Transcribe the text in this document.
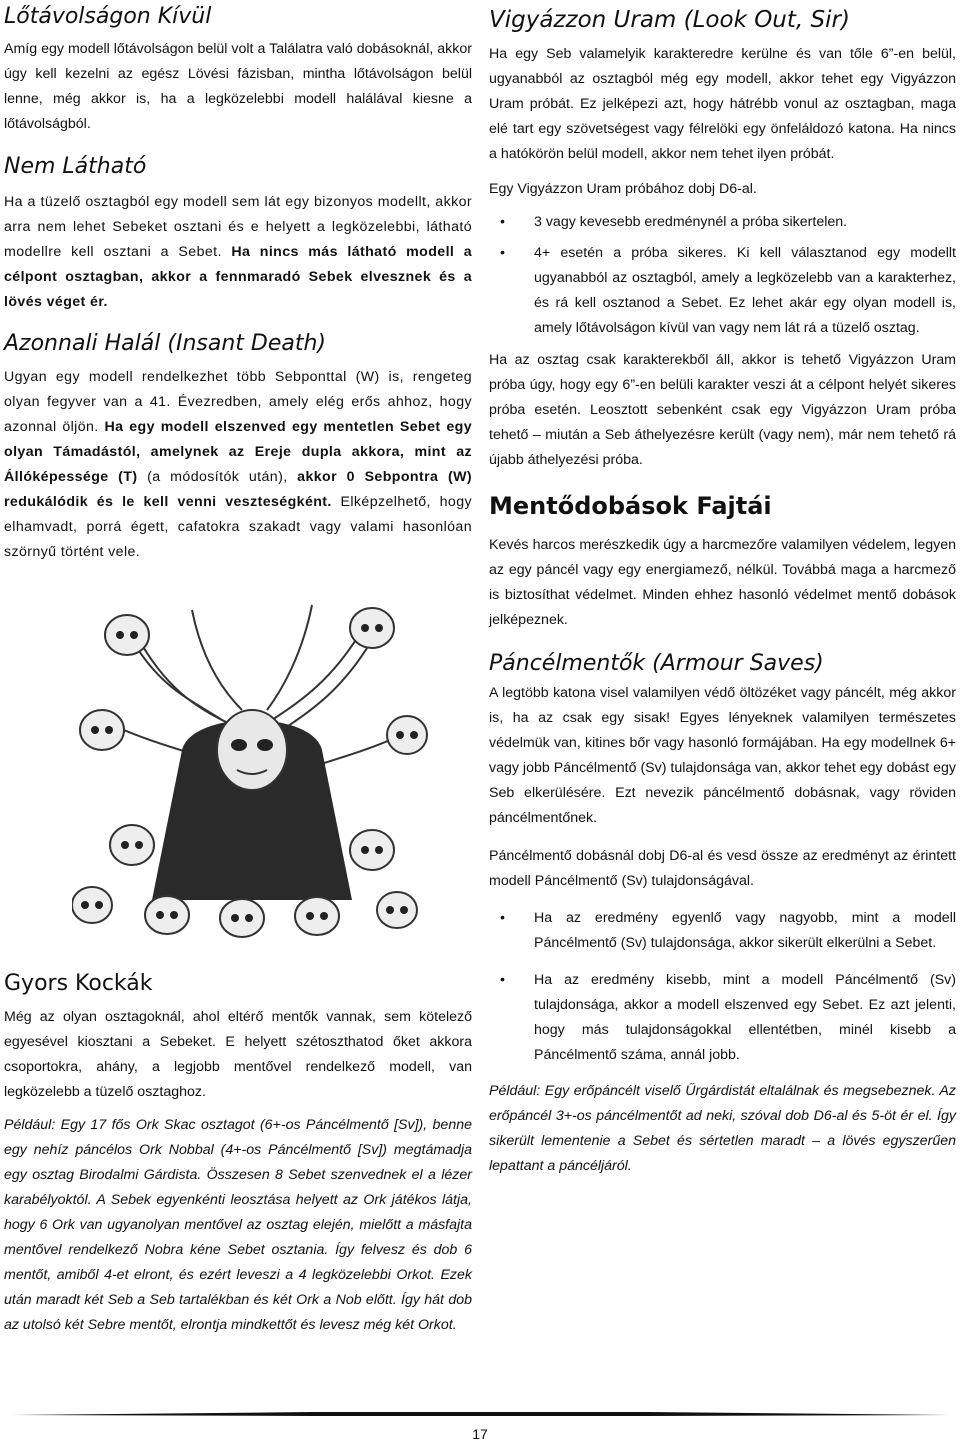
Lőtávolságon Kívül

Amíg egy modell lőtávolságon belül volt a Találatra való dobásoknál, akkor úgy kell kezelni az egész Lövési fázisban, mintha lőtávolságon belül lenne, még akkor is, ha a legközelebbi modell halálával kiesne a lőtávolságból.

Nem Látható

Ha a tüzelő osztagból egy modell sem lát egy bizonyos modellt, akkor arra nem lehet Sebeket osztani és e helyett a legközelebbi, látható modellre kell osztani a Sebet. Ha nincs más látható modell a célpont osztagban, akkor a fennmaradó Sebek elvesznek és a lövés véget ér.

Azonnali Halál (Insant Death)

Ugyan egy modell rendelkezhet több Sebponttal (W) is, rengeteg olyan fegyver van a 41. Évezredben, amely elég erős ahhoz, hogy azonnal öljön. Ha egy modell elszenved egy mentetlen Sebet egy olyan Támadástól, amelynek az Ereje dupla akkora, mint az Állóképessége (T) (a módosítók után), akkor 0 Sebpontra (W) redukálódik és le kell venni veszteségként. Elképzelhető, hogy elhamvadt, porrá égett, cafatokra szakadt vagy valami hasonlóan szörnyű történt vele.

Gyors Kockák

Még az olyan osztagoknál, ahol eltérő mentők vannak, sem kötelező egyesével kiosztani a Sebeket. E helyett szétoszthatod őket akkora csoportokra, ahány, a legjobb mentővel rendelkező modell, van legközelebb a tüzelő osztaghoz.

Például: Egy 17 fős Ork Skac osztagot (6+-os Páncélmentő [Sv]), benne egy nehíz páncélos Ork Nobbal (4+-os Páncélmentő [Sv]) megtámadja egy osztag Birodalmi Gárdista. Összesen 8 Sebet szenvednek el a lézer karabélyoktól. A Sebek egyenkénti leosztása helyett az Ork játékos látja, hogy 6 Ork van ugyanolyan mentővel az osztag elején, mielőtt a másfajta mentővel rendelkező Nobra kéne Sebet osztania. Így felvesz és dob 6 mentőt, amiből 4-et elront, és ezért leveszi a 4 legközelebbi Orkot. Ezek után maradt két Seb a Seb tartalékban és két Ork a Nob előtt. Így hát dob az utolsó két Sebre mentőt, elrontja mindkettőt és levesz még két Orkot.

Vigyázzon Uram (Look Out, Sir)

Ha egy Seb valamelyik karakteredre kerülne és van tőle 6”-en belül, ugyanabból az osztagból még egy modell, akkor tehet egy Vigyázzon Uram próbát. Ez jelképezi azt, hogy hátrébb vonul az osztagban, maga elé tart egy szövetségest vagy félrelöki egy önfeláldozó katona. Ha nincs a hatókörön belül modell, akkor nem tehet ilyen próbát.

Egy Vigyázzon Uram próbához dobj D6-al.

• 3 vagy kevesebb eredménynél a próba sikertelen.
• 4+ esetén a próba sikeres. Ki kell választanod egy modellt ugyanabból az osztagból, amely a legközelebb van a karakterhez, és rá kell osztanod a Sebet. Ez lehet akár egy olyan modell is, amely lőtávolságon kívül van vagy nem lát rá a tüzelő osztag.

Ha az osztag csak karakterekből áll, akkor is tehető Vigyázzon Uram próba úgy, hogy egy 6”-en belüli karakter veszi át a célpont helyét sikeres próba esetén. Leosztott sebenként csak egy Vigyázzon Uram próba tehető – miután a Seb áthelyezésre került (vagy nem), már nem tehető rá újabb áthelyezési próba.

Mentődobások Fajtái

Kevés harcos merészkedik úgy a harcmezőre valamilyen védelem, legyen az egy páncél vagy egy energiamező, nélkül. Továbbá maga a harcmező is biztosíthat védelmet. Minden ehhez hasonló védelmet mentő dobások jelképeznek.

Páncélmentők (Armour Saves)

A legtöbb katona visel valamilyen védő öltözéket vagy páncélt, még akkor is, ha az csak egy sisak! Egyes lényeknek valamilyen természetes védelmük van, kitines bőr vagy hasonló formájában. Ha egy modellnek 6+ vagy jobb Páncélmentő (Sv) tulajdonsága van, akkor tehet egy dobást egy Seb elkerülésére. Ezt nevezik páncélmentő dobásnak, vagy röviden páncélmentőnek.

Páncélmentő dobásnál dobj D6-al és vesd össze az eredményt az érintett modell Páncélmentő (Sv) tulajdonságával.

• Ha az eredmény egyenlő vagy nagyobb, mint a modell Páncélmentő (Sv) tulajdonsága, akkor sikerült elkerülni a Sebet.
• Ha az eredmény kisebb, mint a modell Páncélmentő (Sv) tulajdonsága, akkor a modell elszenved egy Sebet. Ez azt jelenti, hogy más tulajdonságokkal ellentétben, minél kisebb a Páncélmentő száma, annál jobb.

Például: Egy erőpáncélt viselő Űrgárdistát eltalálnak és megsebeznek. Az erőpáncél 3+-os páncélmentőt ad neki, szóval dob D6-al és 5-öt ér el. Így sikerült lementenie a Sebet és sértetlen maradt – a lövés egyszerűen lepattant a páncéljáról.

17
